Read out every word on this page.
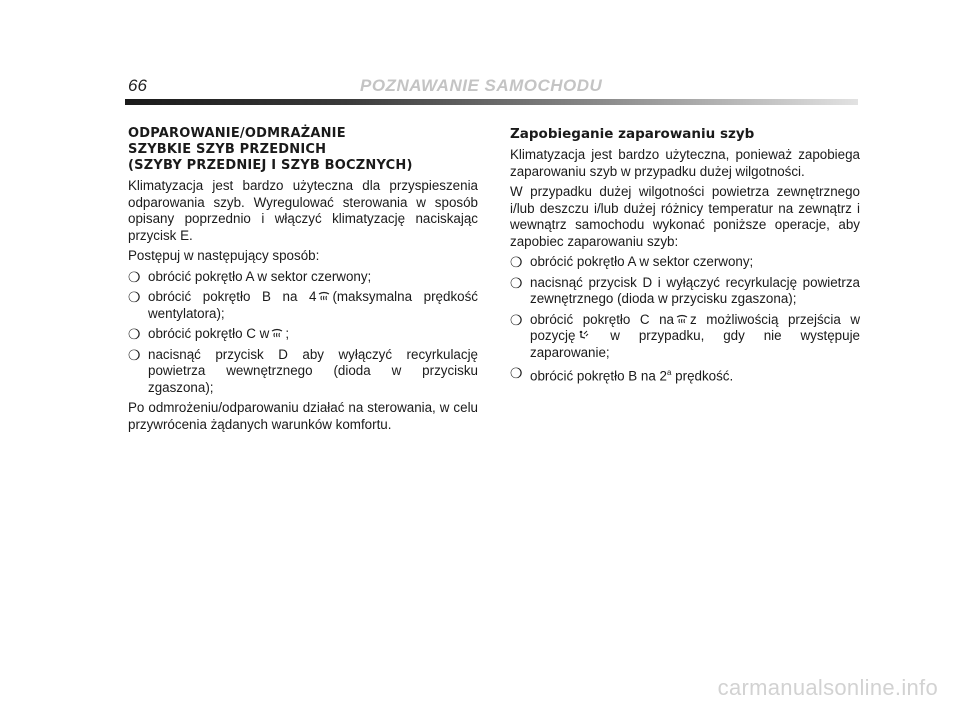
66	POZNAWANIE SAMOCHODU
ODPAROWANIE/ODMRAŻANIE
SZYBKIE SZYB PRZEDNICH
(SZYBY PRZEDNIEJ I SZYB BOCZNYCH)

Klimatyzacja jest bardzo użyteczna dla przyspieszenia odparowania szyb. Wyregulować sterowania w sposób opisany poprzednio i włączyć klimatyzację naciskając przycisk E.

Postępuj w następujący sposób:

❍ obrócić pokrętło A w sektor czerwony;
❍ obrócić pokrętło B na 4 (maksymalna prędkość wentylatora);
❍ obrócić pokrętło C w ;
❍ nacisnąć przycisk D aby wyłączyć recyrkulację powietrza wewnętrznego (dioda w przycisku zgaszona);

Po odmrożeniu/odparowaniu działać na sterowania, w celu przywrócenia żądanych warunków komfortu.

Zapobieganie zaparowaniu szyb

Klimatyzacja jest bardzo użyteczna, ponieważ zapobiega zaparowaniu szyb w przypadku dużej wilgotności.

W przypadku dużej wilgotności powietrza zewnętrznego i/lub deszczu i/lub dużej różnicy temperatur na zewnątrz i wewnątrz samochodu wykonać poniższe operacje, aby zapobiec zaparowaniu szyb:

❍ obrócić pokrętło A w sektor czerwony;
❍ nacisnąć przycisk D i wyłączyć recyrkulację powietrza zewnętrznego (dioda w przycisku zgaszona);
❍ obrócić pokrętło C na z możliwością przejścia w pozycję	w przypadku, gdy nie występuje zaparowanie;
❍ obrócić pokrętło B na 2$^a$ prędkość.
carmanualsonline.info
